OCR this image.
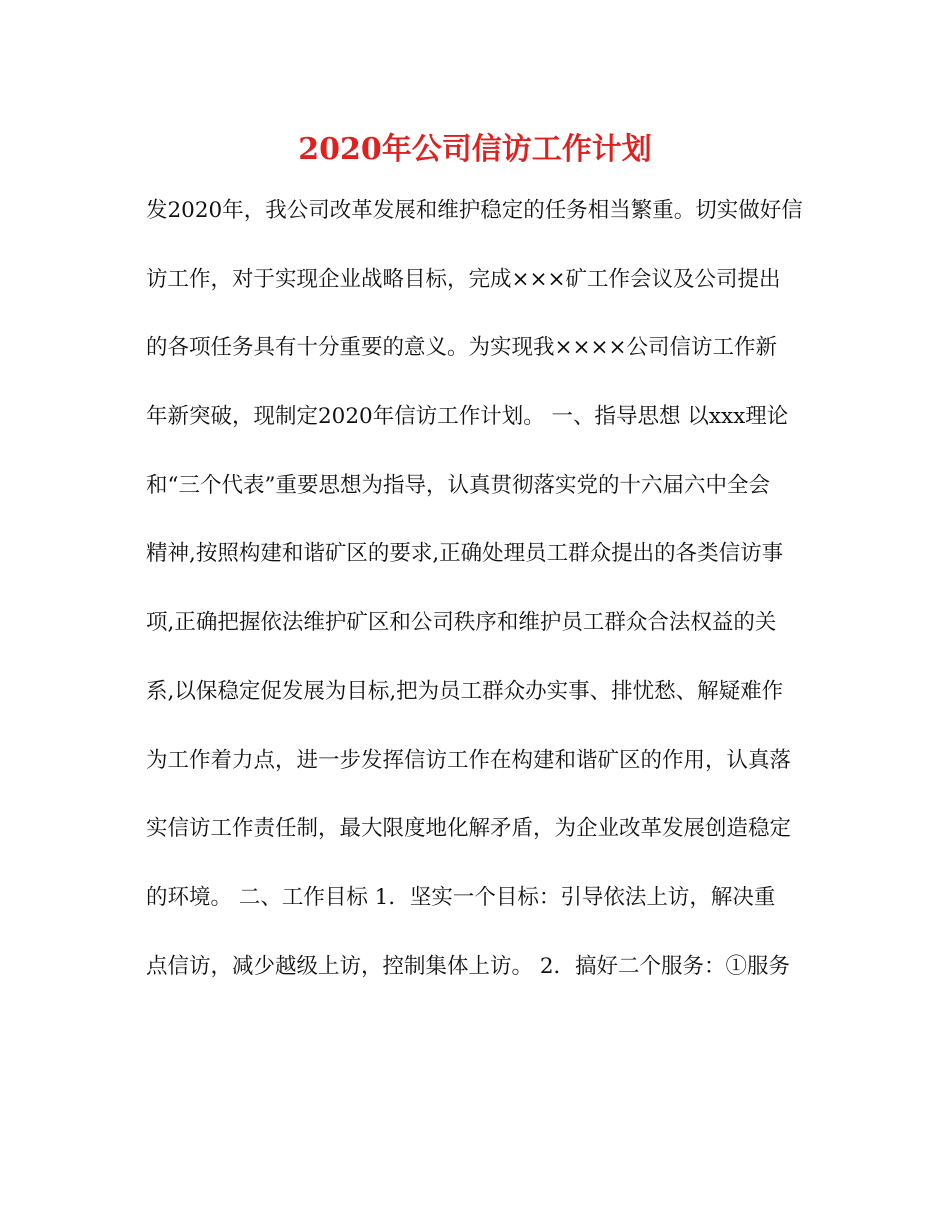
2020年公司信访工作计划
发2020年，我公司改革发展和维护稳定的任务相当繁重。切实做好信
访工作，对于实现企业战略目标，完成×××矿工作会议及公司提出
的各项任务具有十分重要的意义。为实现我××××公司信访工作新
年新突破，现制定2020年信访工作计划。 一、指导思想 以xxx理论
和“三个代表”重要思想为指导，认真贯彻落实党的十六届六中全会
精神,按照构建和谐矿区的要求,正确处理员工群众提出的各类信访事
项,正确把握依法维护矿区和公司秩序和维护员工群众合法权益的关
系,以保稳定促发展为目标,把为员工群众办实事、排忧愁、解疑难作
为工作着力点，进一步发挥信访工作在构建和谐矿区的作用，认真落
实信访工作责任制，最大限度地化解矛盾，为企业改革发展创造稳定
的环境。 二、工作目标 1．坚实一个目标：引导依法上访，解决重
点信访，减少越级上访，控制集体上访。 2．搞好二个服务：①服务
